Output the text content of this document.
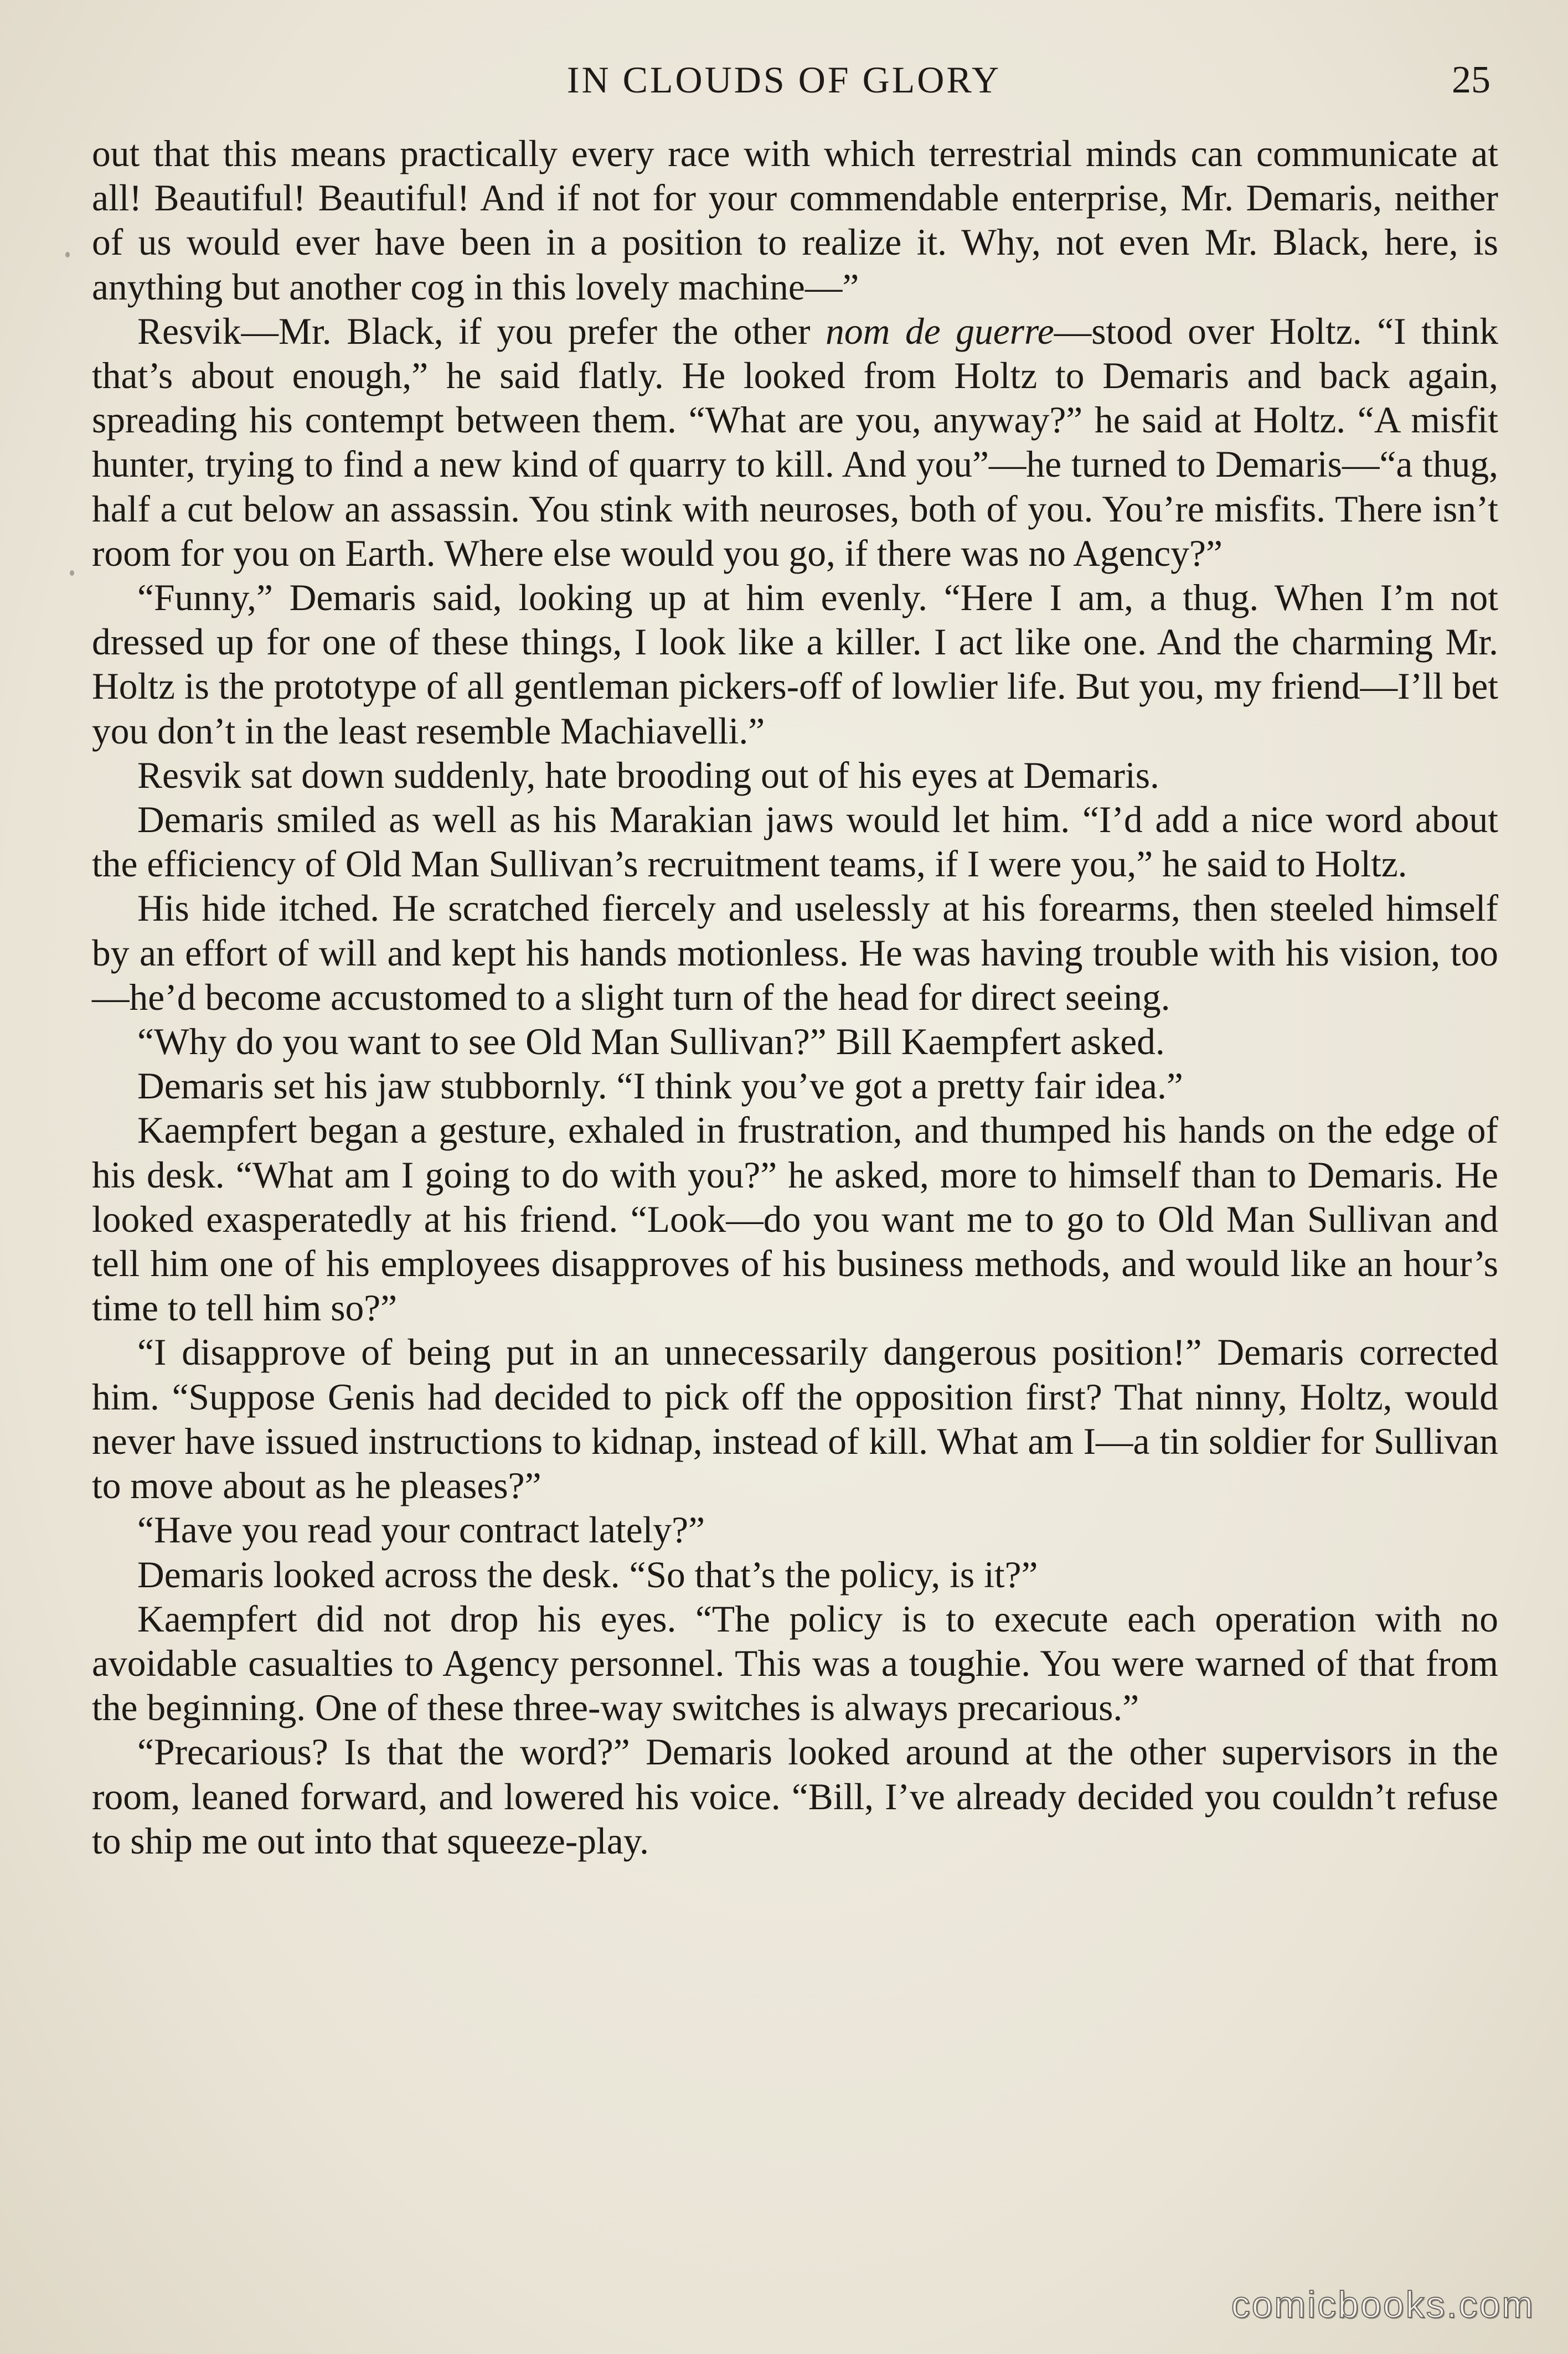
IN CLOUDS OF GLORY	25

out that this means practically every race with which terrestrial minds can communicate at all! Beautiful! Beautiful! And if not for your commendable enterprise, Mr. Demaris, neither of us would ever have been in a position to realize it. Why, not even Mr. Black, here, is anything but another cog in this lovely machine—”

Resvik—Mr. Black, if you prefer the other nom de guerre—stood over Holtz. “I think that’s about enough,” he said flatly. He looked from Holtz to Demaris and back again, spreading his contempt between them. “What are you, anyway?” he said at Holtz. “A misfit hunter, trying to find a new kind of quarry to kill. And you”—he turned to Demaris—“a thug, half a cut below an assassin. You stink with neuroses, both of you. You’re misfits. There isn’t room for you on Earth. Where else would you go, if there was no Agency?”

“Funny,” Demaris said, looking up at him evenly. “Here I am, a thug. When I’m not dressed up for one of these things, I look like a killer. I act like one. And the charming Mr. Holtz is the prototype of all gentleman pickers-off of lowlier life. But you, my friend—I’ll bet you don’t in the least resemble Machiavelli.”

Resvik sat down suddenly, hate brooding out of his eyes at Demaris.

Demaris smiled as well as his Marakian jaws would let him. “I’d add a nice word about the efficiency of Old Man Sullivan’s recruitment teams, if I were you,” he said to Holtz.

His hide itched. He scratched fiercely and uselessly at his forearms, then steeled himself by an effort of will and kept his hands motionless. He was having trouble with his vision, too—he’d become accustomed to a slight turn of the head for direct seeing.

“Why do you want to see Old Man Sullivan?” Bill Kaempfert asked.

Demaris set his jaw stubbornly. “I think you’ve got a pretty fair idea.”

Kaempfert began a gesture, exhaled in frustration, and thumped his hands on the edge of his desk. “What am I going to do with you?” he asked, more to himself than to Demaris. He looked exasperatedly at his friend. “Look—do you want me to go to Old Man Sullivan and tell him one of his employees disapproves of his business methods, and would like an hour’s time to tell him so?”

“I disapprove of being put in an unnecessarily dangerous position!” Demaris corrected him. “Suppose Genis had decided to pick off the opposition first? That ninny, Holtz, would never have issued instructions to kidnap, instead of kill. What am I—a tin soldier for Sullivan to move about as he pleases?”

“Have you read your contract lately?”

Demaris looked across the desk. “So that’s the policy, is it?”

Kaempfert did not drop his eyes. “The policy is to execute each operation with no avoidable casualties to Agency personnel. This was a toughie. You were warned of that from the beginning. One of these three-way switches is always precarious.”

“Precarious? Is that the word?” Demaris looked around at the other supervisors in the room, leaned forward, and lowered his voice. “Bill, I’ve already decided you couldn’t refuse to ship me out into that squeeze-play.

comicbooks.com
